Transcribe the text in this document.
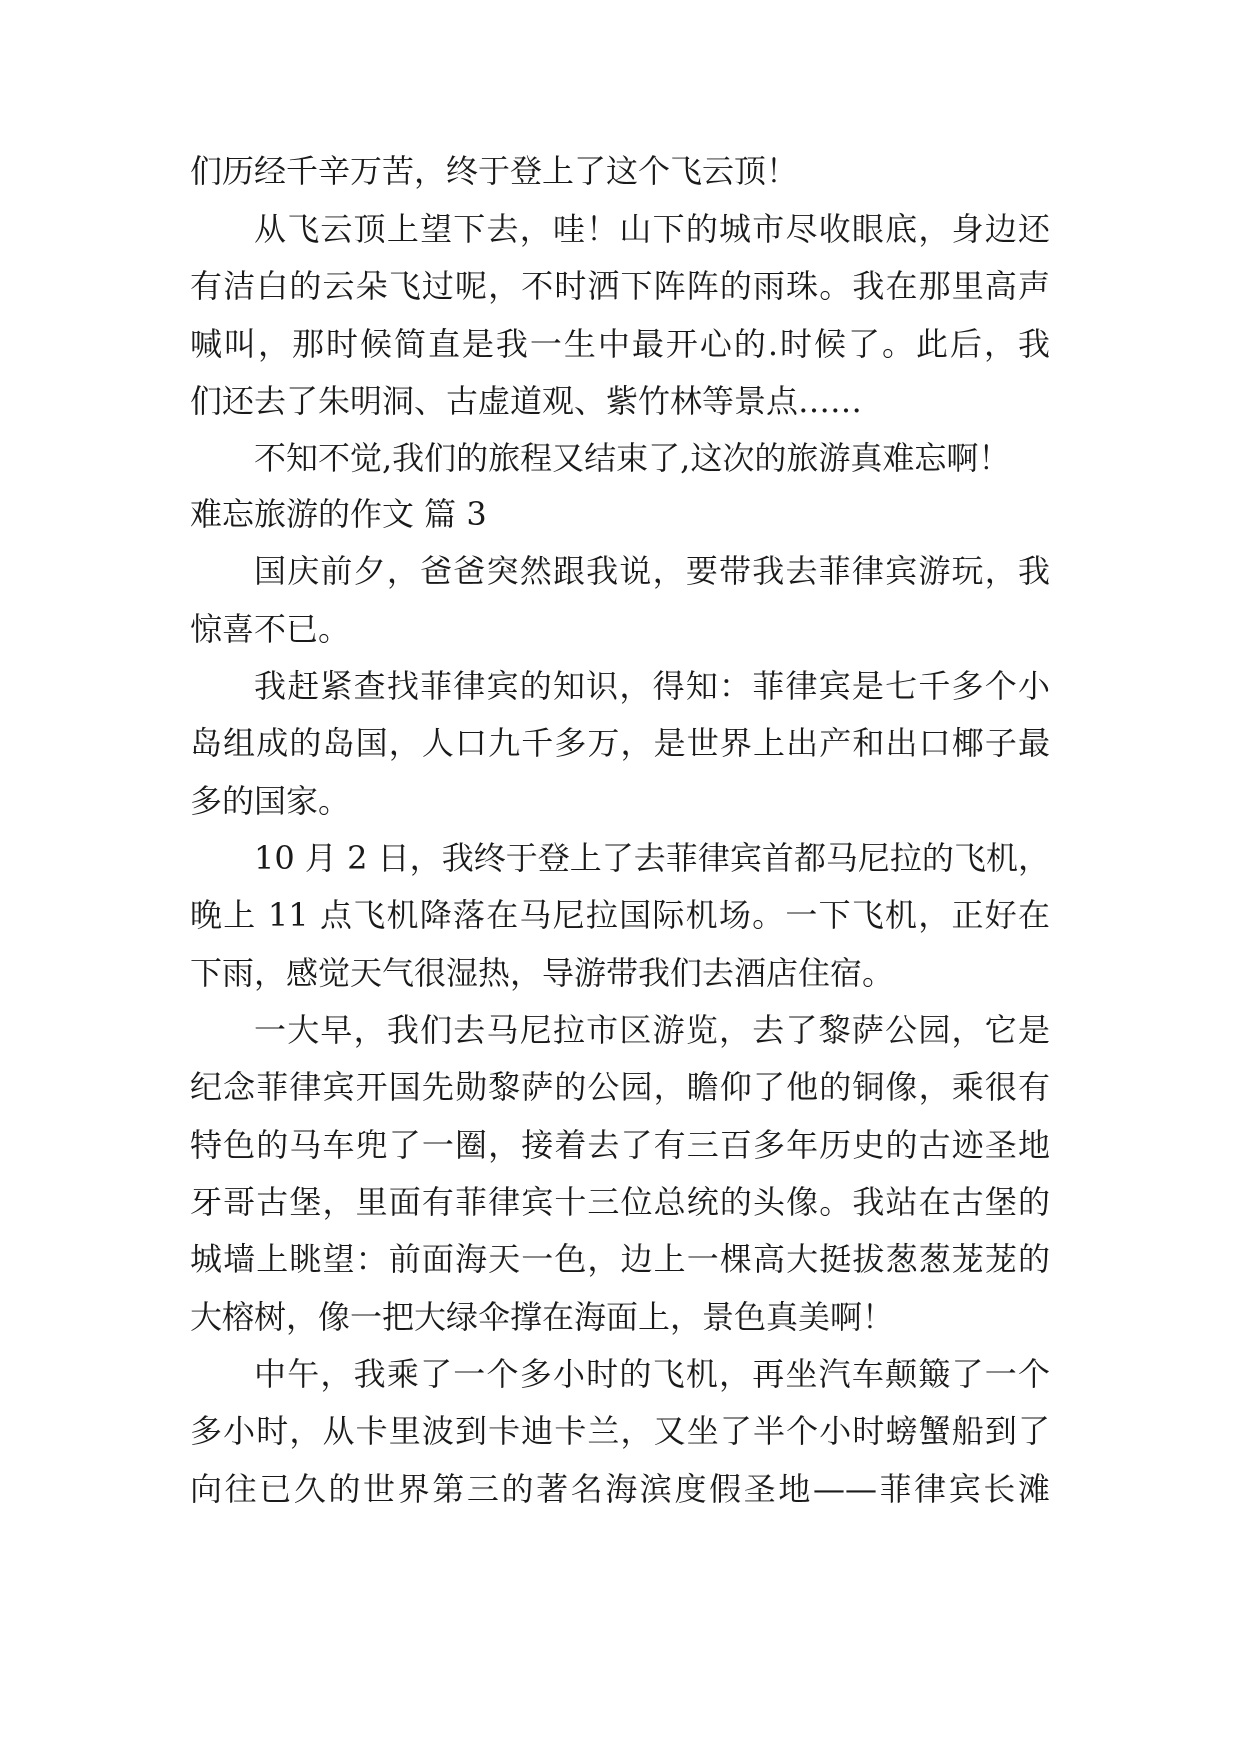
们历经千辛万苦，终于登上了这个飞云顶！
从飞云顶上望下去，哇！山下的城市尽收眼底，身边还
有洁白的云朵飞过呢，不时洒下阵阵的雨珠。我在那里高声
喊叫，那时候简直是我一生中最开心的.时候了。此后，我
们还去了朱明洞、古虚道观、紫竹林等景点……
不知不觉,我们的旅程又结束了,这次的旅游真难忘啊！
难忘旅游的作文 篇 3
国庆前夕，爸爸突然跟我说，要带我去菲律宾游玩，我
惊喜不已。
我赶紧查找菲律宾的知识，得知：菲律宾是七千多个小
岛组成的岛国，人口九千多万，是世界上出产和出口椰子最
多的国家。
10 月 2 日，我终于登上了去菲律宾首都马尼拉的飞机，
晚上 11 点飞机降落在马尼拉国际机场。一下飞机，正好在
下雨，感觉天气很湿热，导游带我们去酒店住宿。
一大早，我们去马尼拉市区游览，去了黎萨公园，它是
纪念菲律宾开国先勋黎萨的公园，瞻仰了他的铜像，乘很有
特色的马车兜了一圈，接着去了有三百多年历史的古迹圣地
牙哥古堡，里面有菲律宾十三位总统的头像。我站在古堡的
城墙上眺望：前面海天一色，边上一棵高大挺拔葱葱茏茏的
大榕树，像一把大绿伞撑在海面上，景色真美啊！
中午，我乘了一个多小时的飞机，再坐汽车颠簸了一个
多小时，从卡里波到卡迪卡兰，又坐了半个小时螃蟹船到了
向往已久的世界第三的著名海滨度假圣地——菲律宾长滩
